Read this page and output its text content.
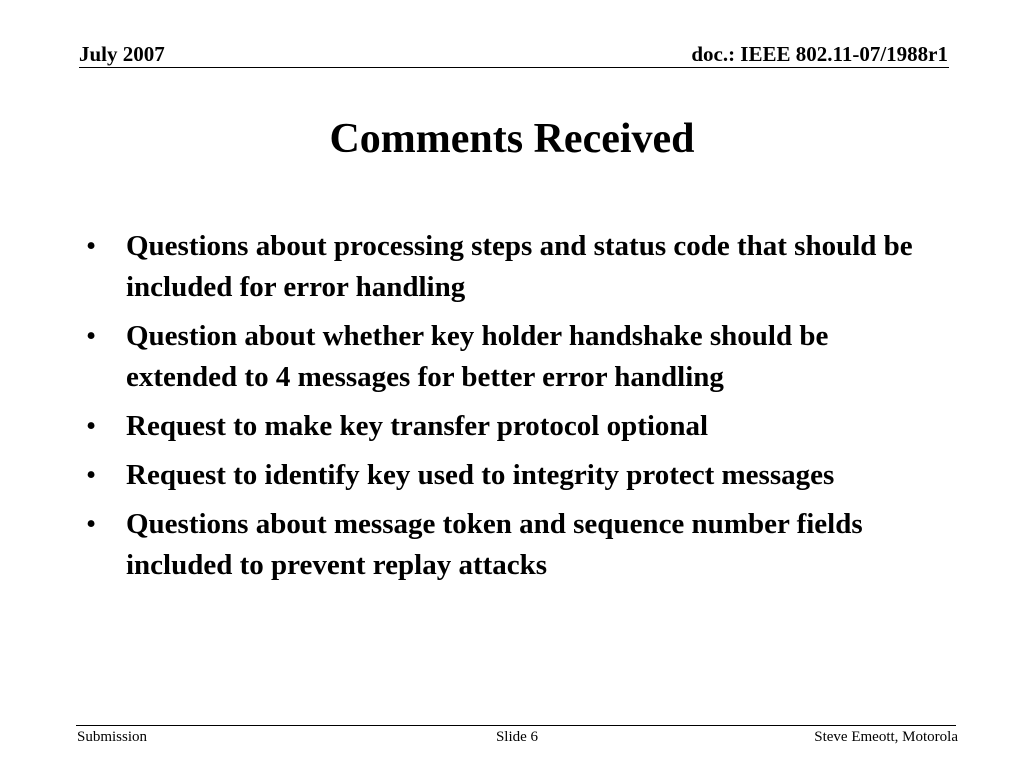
July 2007	doc.: IEEE 802.11-07/1988r1
Comments Received
• Questions about processing steps and status code that should be included for error handling
• Question about whether key holder handshake should be extended to 4 messages for better error handling
• Request to make key transfer protocol optional
• Request to identify key used to integrity protect messages
• Questions about message token and sequence number fields included to prevent replay attacks
Submission	Slide 6	Steve Emeott, Motorola
